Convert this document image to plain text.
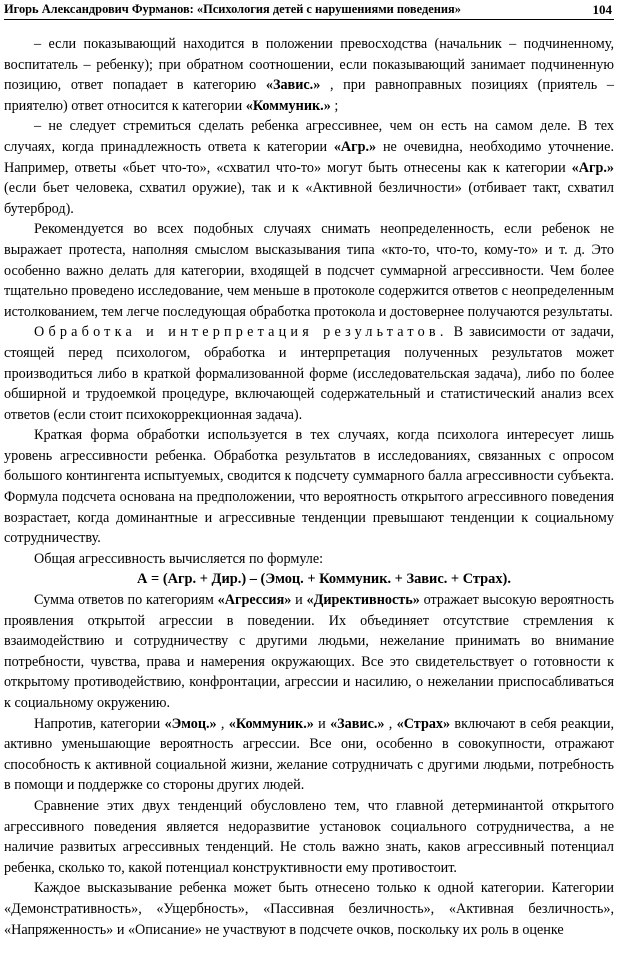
Игорь Александрович Фурманов: «Психология детей с нарушениями поведения»	104

– если показывающий находится в положении превосходства (начальник – подчиненному, воспитатель – ребенку); при обратном соотношении, если показывающий занимает подчиненную позицию, ответ попадает в категорию «Завис.» , при равноправных позициях (приятель – приятелю) ответ относится к категории «Коммуник.» ;

– не следует стремиться сделать ребенка агрессивнее, чем он есть на самом деле. В тех случаях, когда принадлежность ответа к категории «Агр.» не очевидна, необходимо уточнение. Например, ответы «бьет что-то», «схватил что-то» могут быть отнесены как к категории «Агр.» (если бьет человека, схватил оружие), так и к «Активной безличности» (отбивает такт, схватил бутерброд).

Рекомендуется во всех подобных случаях снимать неопределенность, если ребенок не выражает протеста, наполняя смыслом высказывания типа «кто-то, что-то, кому-то» и т. д. Это особенно важно делать для категории, входящей в подсчет суммарной агрессивности. Чем более тщательно проведено исследование, чем меньше в протоколе содержится ответов с неопределенным истолкованием, тем легче последующая обработка протокола и достовернее получаются результаты.

Обработка и интерпретация результатов. В зависимости от задачи, стоящей перед психологом, обработка и интерпретация полученных результатов может производиться либо в краткой формализованной форме (исследовательская задача), либо по более обширной и трудоемкой процедуре, включающей содержательный и статистический анализ всех ответов (если стоит психокоррекционная задача).

Краткая форма обработки используется в тех случаях, когда психолога интересует лишь уровень агрессивности ребенка. Обработка результатов в исследованиях, связанных с опросом большого контингента испытуемых, сводится к подсчету суммарного балла агрессивности субъекта. Формула подсчета основана на предположении, что вероятность открытого агрессивного поведения возрастает, когда доминантные и агрессивные тенденции превышают тенденции к социальному сотрудничеству.

Общая агрессивность вычисляется по формуле:

А = (Агр. + Дир.) – (Эмоц. + Коммуник. + Завис. + Страх).

Сумма ответов по категориям «Агрессия» и «Директивность» отражает высокую вероятность проявления открытой агрессии в поведении. Их объединяет отсутствие стремления к взаимодействию и сотрудничеству с другими людьми, нежелание принимать во внимание потребности, чувства, права и намерения окружающих. Все это свидетельствует о готовности к открытому противодействию, конфронтации, агрессии и насилию, о нежелании приспосабливаться к социальному окружению.

Напротив, категории «Эмоц.» , «Коммуник.» и «Завис.» , «Страх» включают в себя реакции, активно уменьшающие вероятность агрессии. Все они, особенно в совокупности, отражают способность к активной социальной жизни, желание сотрудничать с другими людьми, потребность в помощи и поддержке со стороны других людей.

Сравнение этих двух тенденций обусловлено тем, что главной детерминантой открытого агрессивного поведения является недоразвитие установок социального сотрудничества, а не наличие развитых агрессивных тенденций. Не столь важно знать, каков агрессивный потенциал ребенка, сколько то, какой потенциал конструктивности ему противостоит.

Каждое высказывание ребенка может быть отнесено только к одной категории. Категории «Демонстративность», «Ущербность», «Пассивная безличность», «Активная безличность», «Напряженность» и «Описание» не участвуют в подсчете очков, поскольку их роль в оценке
